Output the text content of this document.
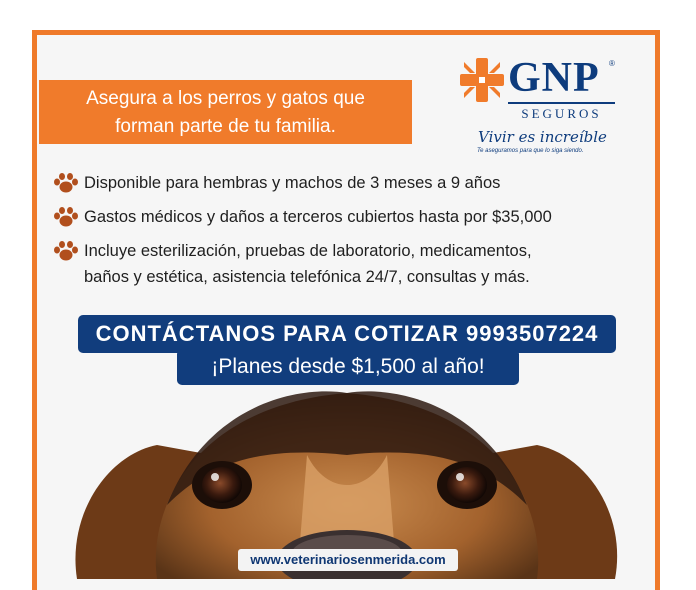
Asegura a los perros y gatos que
forman parte de tu familia.
GNP ®
SEGUROS
Vivir es increíble
Te aseguramos para que lo siga siendo.
Disponible para hembras y machos de 3 meses a 9 años
Gastos médicos y daños a terceros cubiertos hasta por $35,000
Incluye esterilización, pruebas de laboratorio, medicamentos,
baños y estética, asistencia telefónica 24/7, consultas y más.
CONTÁCTANOS PARA COTIZAR 9993507224
¡Planes desde $1,500 al año!
www.veterinariosenmerida.com
